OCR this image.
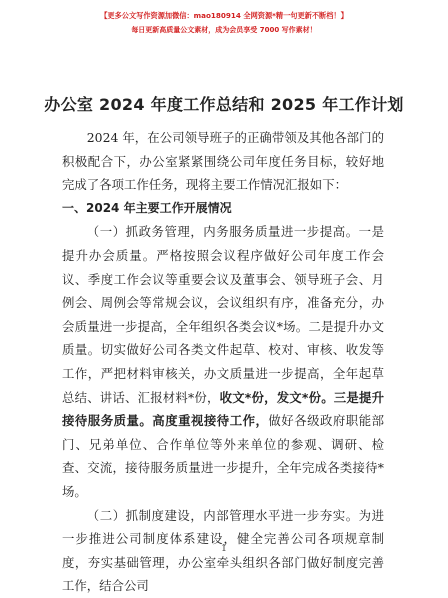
【更多公文写作资源加微信：mao180914 全网资源*精一句更新不断档！】
每日更新高质量公文素材，成为会员享受 7000 写作素材！
办公室 2024 年度工作总结和 2025 年工作计划

2024 年，在公司领导班子的正确带领及其他各部门的积极配合下，办公室紧紧围绕公司年度任务目标，较好地完成了各项工作任务，现将主要工作情况汇报如下：

一、2024 年主要工作开展情况

（一）抓政务管理，内务服务质量进一步提高。一是提升办会质量。严格按照会议程序做好公司年度工作会议、季度工作会议等重要会议及董事会、领导班子会、月例会、周例会等常规会议，会议组织有序，准备充分，办会质量进一步提高，全年组织各类会议*场。二是提升办文质量。切实做好公司各类文件起草、校对、审核、收发等工作，严把材料审核关，办文质量进一步提高，全年起草总结、讲话、汇报材料*份，收文*份，发文*份。三是提升接待服务质量。高度重视接待工作，做好各级政府职能部门、兄弟单位、合作单位等外来单位的参观、调研、检查、交流，接待服务质量进一步提升，全年完成各类接待*场。

（二）抓制度建设，内部管理水平进一步夯实。为进一步推进公司制度体系建设，健全完善公司各项规章制度，夯实基础管理，办公室牵头组织各部门做好制度完善工作，结合公司

1
